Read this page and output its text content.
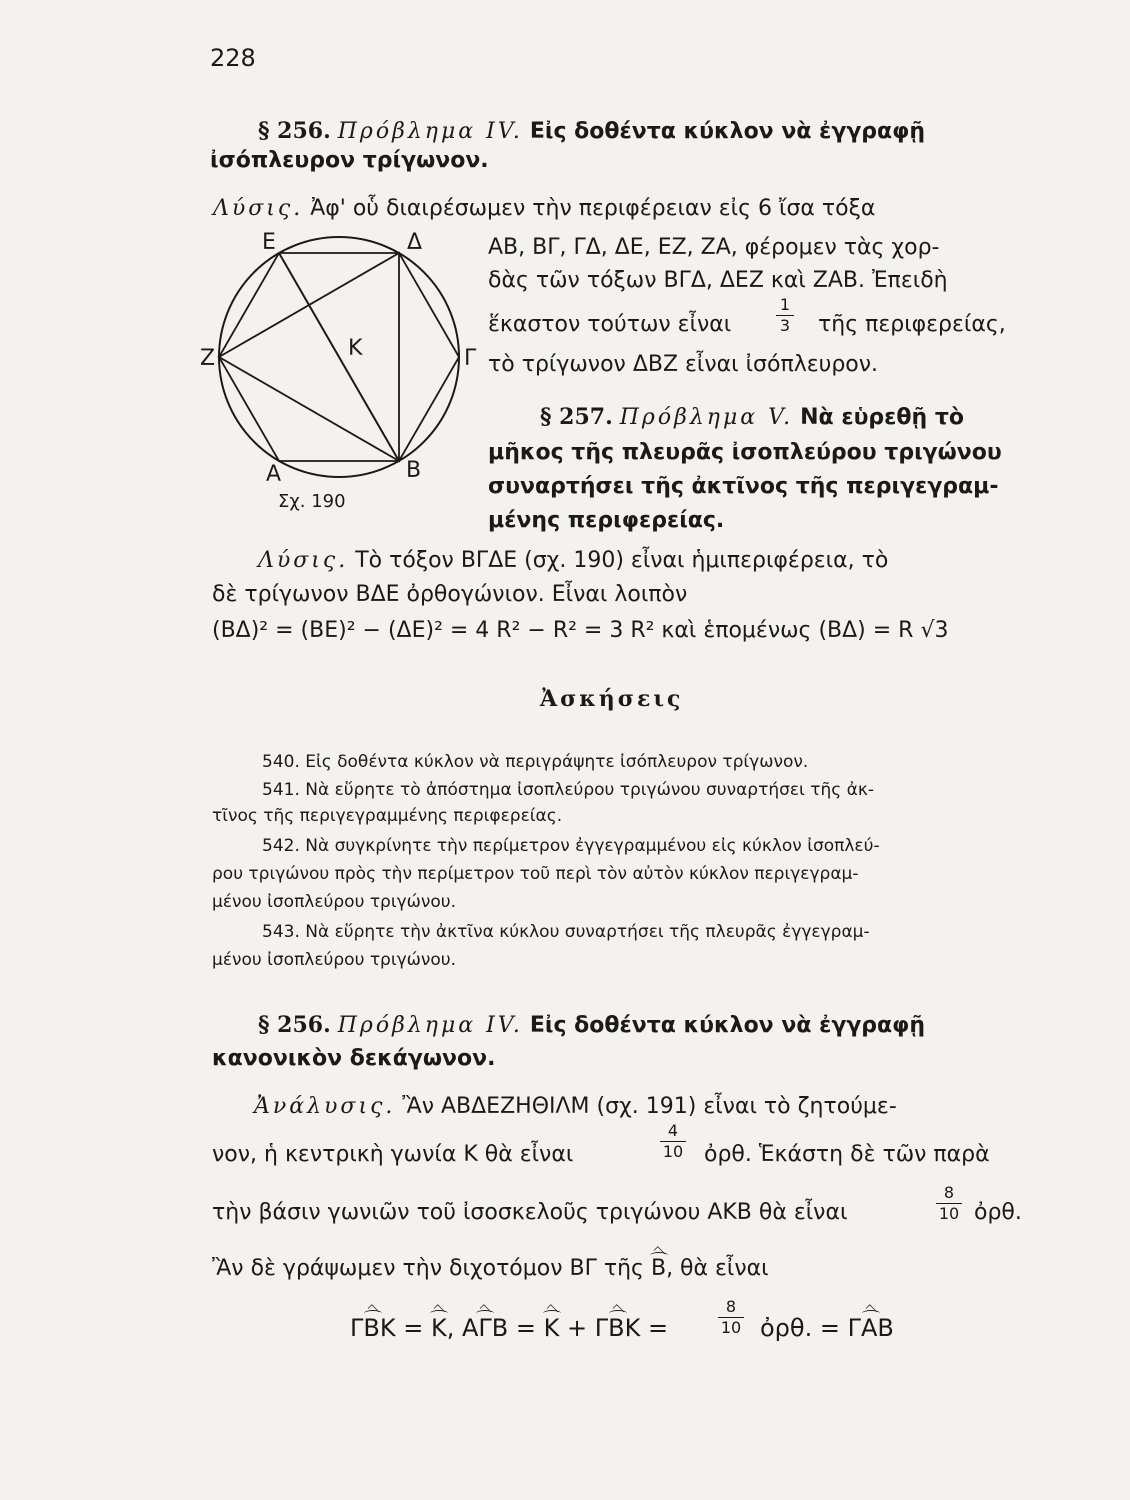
228
§ 256. Πρόβλημα IV. Εἰς δοθέντα κύκλον νὰ ἐγγραφῇ
ἰσόπλευρον τρίγωνον.
Λύσις. Ἀφ' οὗ διαιρέσωμεν τὴν περιφέρειαν εἰς 6 ἴσα τόξα
ΑΒ, ΒΓ, ΓΔ, ΔΕ, ΕΖ, ΖΑ, φέρομεν τὰς χορ-
δὰς τῶν τόξων ΒΓΔ, ΔΕΖ καὶ ΖΑΒ. Ἐπειδὴ
ἕκαστον τούτων εἶναι
1
3 τῆς περιφερείας,
τὸ τρίγωνον ΔΒΖ εἶναι ἰσόπλευρον.
Ε	Δ
Ζ	Γ
Κ
Α	Β
Σχ. 190
§ 257. Πρόβλημα V. Νὰ εὑρεθῇ τὸ
μῆκος τῆς πλευρᾶς ἰσοπλεύρου τριγώνου
συναρτήσει τῆς ἀκτῖνος τῆς περιγεγραμ-
μένης περιφερείας.
Λύσις. Τὸ τόξον ΒΓΔΕ (σχ. 190) εἶναι ἡμιπεριφέρεια, τὸ
δὲ τρίγωνον ΒΔΕ ὀρθογώνιον. Εἶναι λοιπὸν
(ΒΔ)² = (ΒΕ)² − (ΔΕ)² = 4 R² − R² = 3 R² καὶ ἑπομένως (ΒΔ) = R √3
Ἀσκήσεις
540. Εἰς δοθέντα κύκλον νὰ περιγράψητε ἰσόπλευρον τρίγωνον.
541. Νὰ εὕρητε τὸ ἀπόστημα ἰσοπλεύρου τριγώνου συναρτήσει τῆς ἀκ-
τῖνος τῆς περιγεγραμμένης περιφερείας.
542. Νὰ συγκρίνητε τὴν περίμετρον ἐγγεγραμμένου εἰς κύκλον ἰσοπλεύ-
ρου τριγώνου πρὸς τὴν περίμετρον τοῦ περὶ τὸν αὐτὸν κύκλον περιγεγραμ-
μένου ἰσοπλεύρου τριγώνου.
543. Νὰ εὕρητε τὴν ἀκτῖνα κύκλου συναρτήσει τῆς πλευρᾶς ἐγγεγραμ-
μένου ἰσοπλεύρου τριγώνου.
§ 256. Πρόβλημα IV. Εἰς δοθέντα κύκλον νὰ ἐγγραφῇ
κανονικὸν δεκάγωνον.
Ἀνάλυσις. Ἂν ΑΒΔΕΖΗΘΙΛΜ (σχ. 191) εἶναι τὸ ζητούμε-
νον, ἡ κεντρικὴ γωνία Κ θὰ εἶναι
4
10 ὀρθ. Ἑκάστη δὲ τῶν παρὰ
τὴν βάσιν γωνιῶν τοῦ ἰσοσκελοῦς τριγώνου ΑΚΒ θὰ εἶναι
8
10 ὀρθ.
Ἂν δὲ γράψωμεν τὴν διχοτόμον ΒΓ τῆς Β, θὰ εἶναι
ΓΒΚ = Κ, ΑΓΒ = Κ + ΓΒΚ =
8
10 ὀρθ. = ΓΑΒ
